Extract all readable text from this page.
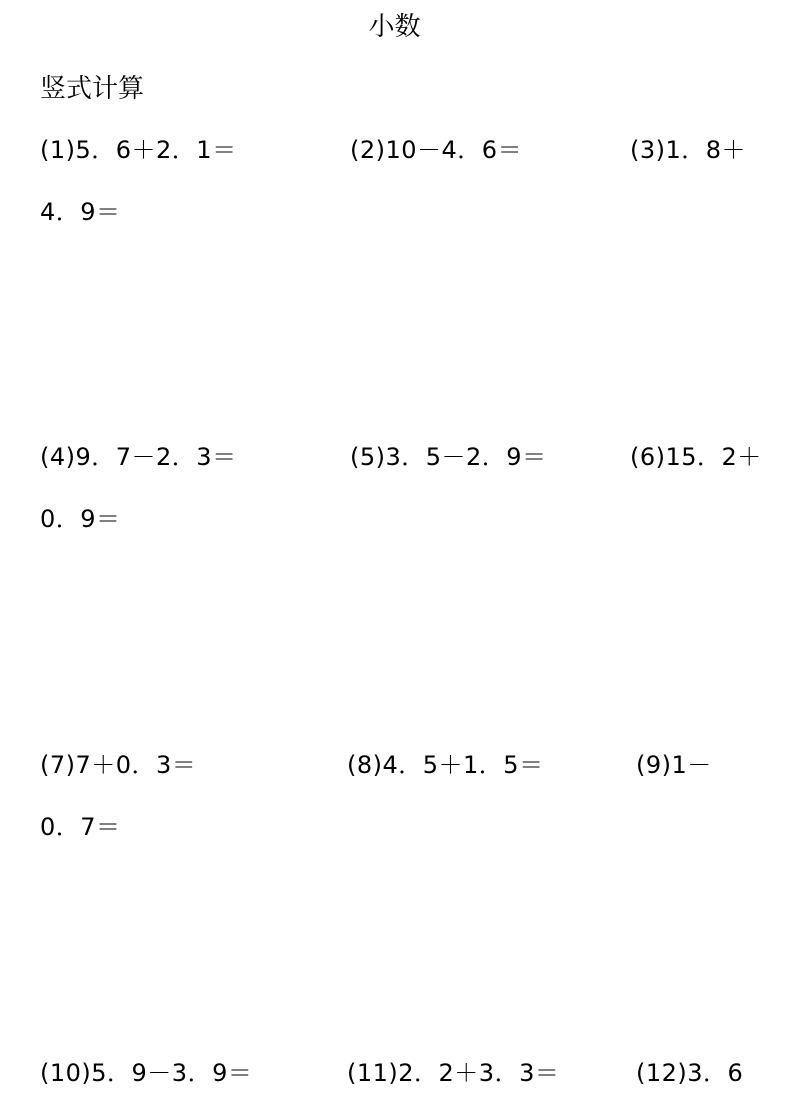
小数
竖式计算
(1)5．6＋2．1＝	(2)10－4．6＝	(3)1．8＋
4．9＝
(4)9．7－2．3＝	(5)3．5－2．9＝	(6)15．2＋
0．9＝
(7)7＋0．3＝	(8)4．5＋1．5＝	(9)1－
0．7＝
(10)5．9－3．9＝	(11)2．2＋3．3＝	(12)3．6
